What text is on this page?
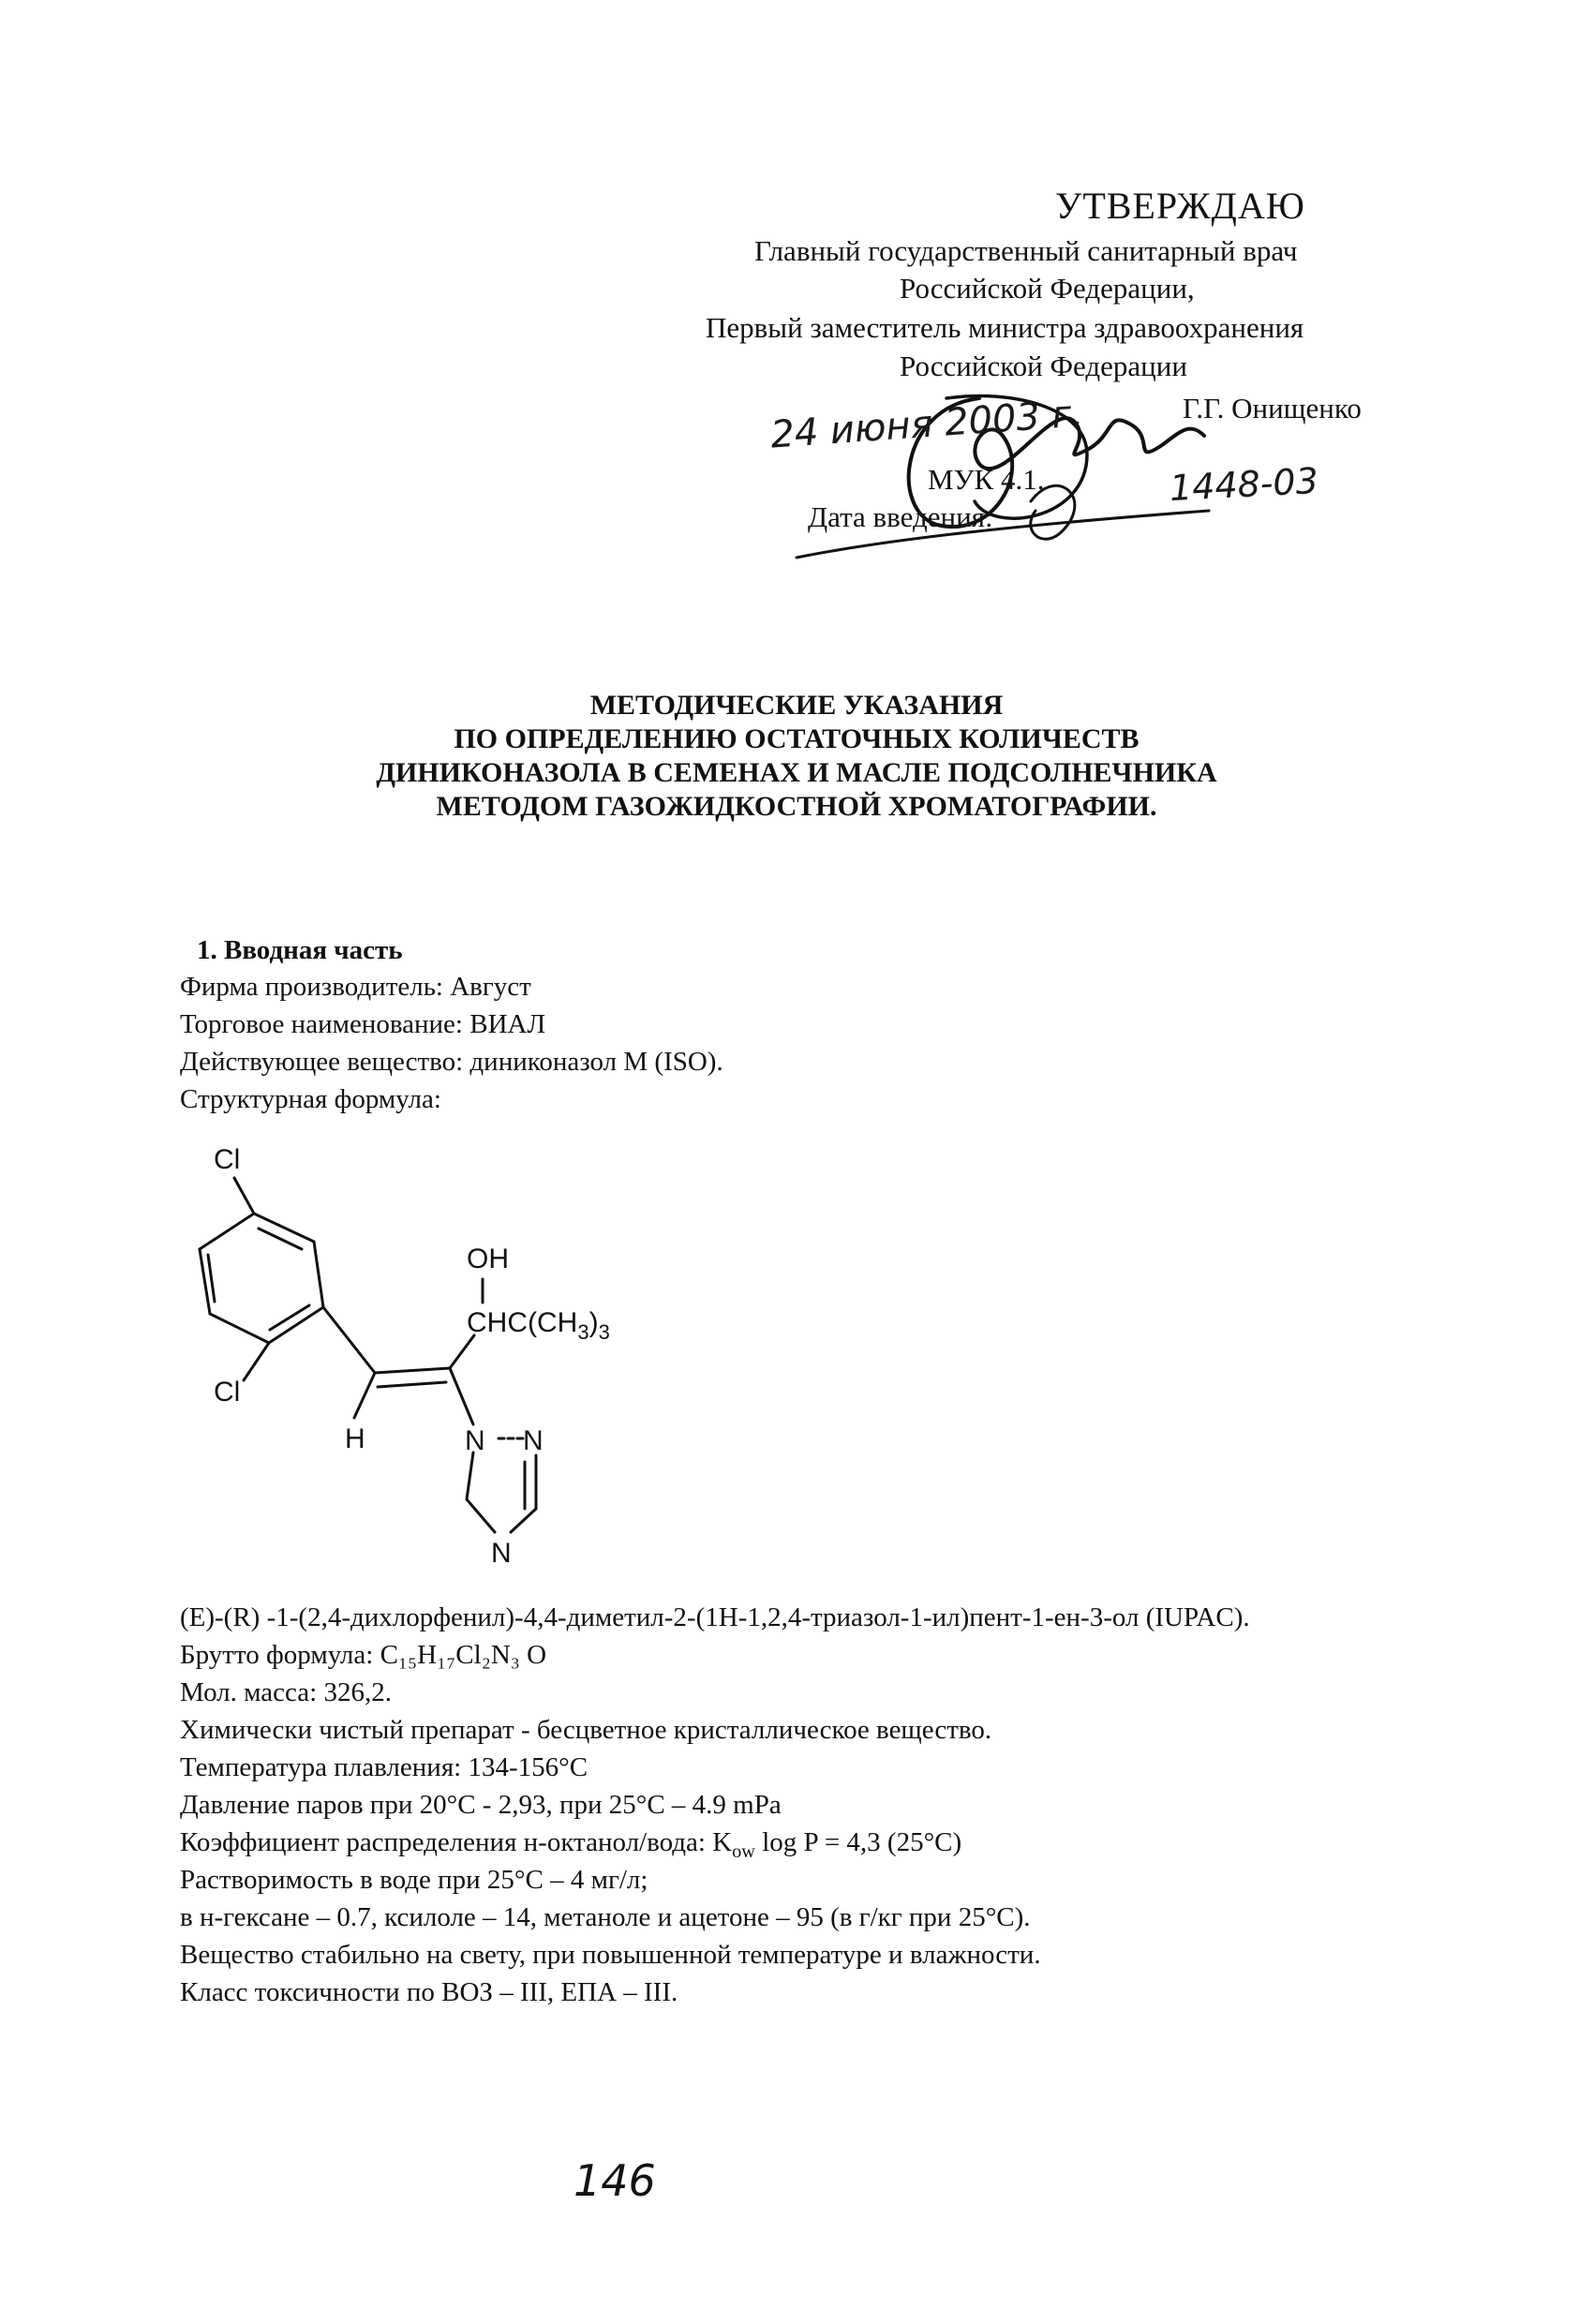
УТВЕРЖДАЮ
Главный государственный санитарный врач
Российской Федерации,
Первый заместитель министра здравоохранения
Российской Федерации
Г.Г. Онищенко
МУК 4.1.
Дата введения:
24 июня 2003 г.
1448-03
МЕТОДИЧЕСКИЕ УКАЗАНИЯ
ПО ОПРЕДЕЛЕНИЮ ОСТАТОЧНЫХ КОЛИЧЕСТВ
ДИНИКОНАЗОЛА В СЕМЕНАХ И МАСЛЕ ПОДСОЛНЕЧНИКА
МЕТОДОМ ГАЗОЖИДКОСТНОЙ ХРОМАТОГРАФИИ.
1. Вводная часть
Фирма производитель: Август
Торговое наименование: ВИАЛ
Действующее вещество: диниконазол М (ISO).
Структурная формула:
Cl
Cl
OH
$CHC(CH_3)_3$
H	N N
N
(E)-(R) -1-(2,4-дихлорфенил)-4,4-диметил-2-(1Н-1,2,4-триазол-1-ил)пент-1-ен-3-ол (IUPAC).
Брутто формула: C₁₅H₁₇Cl₂N₃ O
Мол. масса: 326,2.
Химически чистый препарат - бесцветное кристаллическое вещество.
Температура плавления: 134-156°С
Давление паров при 20°С - 2,93, при 25°С – 4.9 mPa
Коэффициент распределения н-октанол/вода: $K_{ow}$ log P = 4,3 (25°С)
Растворимость в воде при 25°С – 4 мг/л;
в н-гексане – 0.7, ксилоле – 14, метаноле и ацетоне – 95 (в г/кг при 25°С).
Вещество стабильно на свету, при повышенной температуре и влажности.
Класс токсичности по ВОЗ – III, ЕПА – III.
146
